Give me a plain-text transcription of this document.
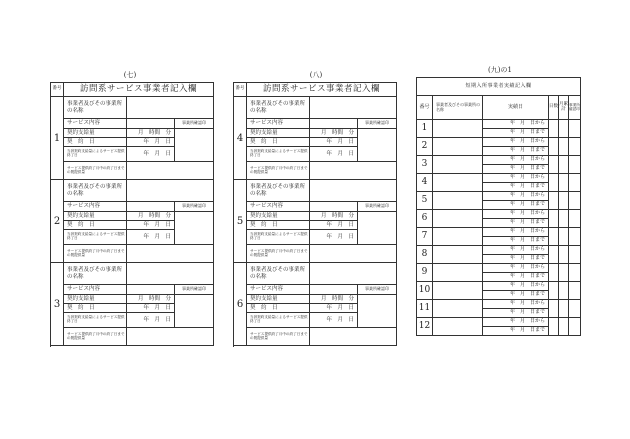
(七)
番号	訪問系サービス事業者記入欄		
1	事業者及びその事業所の名称		
	サービス内容		事業所確認印
	契約支給量	月　時間　分	
	契　約　日	年　月　日	
	当該契約支給量によるサービス提供終了日	年　月　日	
	サービス提供終了月中の終了日までの既提供量		

2	事業者及びその事業所の名称		
	サービス内容		事業所確認印
	契約支給量	月　時間　分	
	契　約　日	年　月　日	
	当該契約支給量によるサービス提供終了日	年　月　日	
	サービス提供終了月中の終了日までの既提供量		

3	事業者及びその事業所の名称		
	サービス内容		事業所確認印
	契約支給量	月　時間　分	
	契　約　日	年　月　日	
	当該契約支給量によるサービス提供終了日	年　月　日	
	サービス提供終了月中の終了日までの既提供量		

(八)
番号	訪問系サービス事業者記入欄		
4	事業者及びその事業所の名称		
	サービス内容		事業所確認印
	契約支給量	月　時間　分	
	契　約　日	年　月　日	
	当該契約支給量によるサービス提供終了日	年　月　日	
	サービス提供終了月中の終了日までの既提供量		

5	事業者及びその事業所の名称		
	サービス内容		事業所確認印
	契約支給量	月　時間　分	
	契　約　日	年　月　日	
	当該契約支給量によるサービス提供終了日	年　月　日	
	サービス提供終了月中の終了日までの既提供量		

6	事業者及びその事業所の名称		
	サービス内容		事業所確認印
	契約支給量	月　時間　分	
	契　約　日	年　月　日	
	当該契約支給量によるサービス提供終了日	年　月　日	
	サービス提供終了月中の終了日までの既提供量		

(九)の1
短期入所事業者実績記入欄					
番号	事業者及びその事業所の名称	実績日	日数	月累計	事業所確認印
1		年　月　日から			
		年　月　日まで			
2		年　月　日から			
		年　月　日まで			
3		年　月　日から			
		年　月　日まで			
4		年　月　日から			
		年　月　日まで			
5		年　月　日から			
		年　月　日まで			
6		年　月　日から			
		年　月　日まで			
7		年　月　日から			
		年　月　日まで			
8		年　月　日から			
		年　月　日まで			
9		年　月　日から			
		年　月　日まで			
10		年　月　日から			
		年　月　日まで			
11		年　月　日から			
		年　月　日まで			
12		年　月　日から			
		年　月　日まで			
